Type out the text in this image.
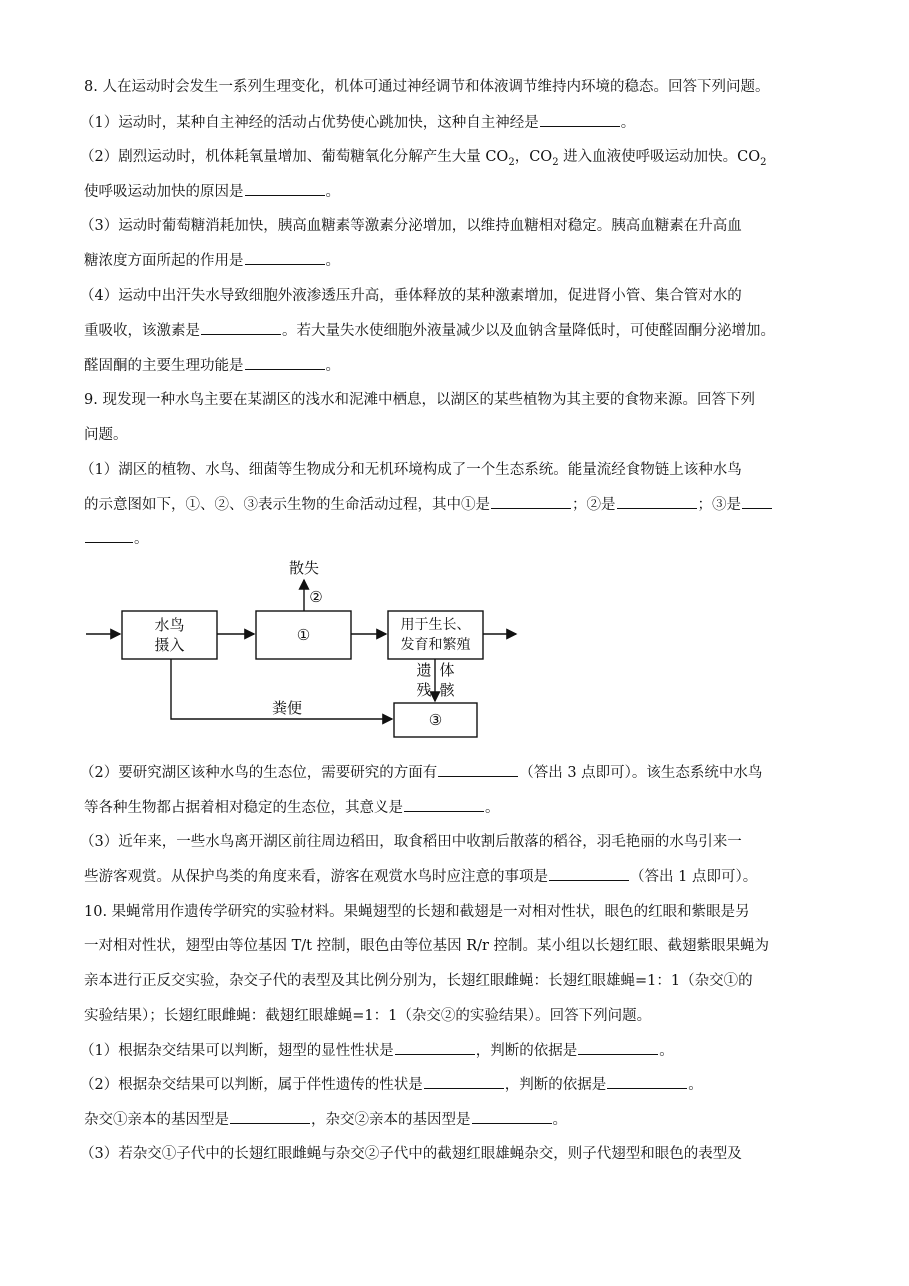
8. 人在运动时会发生一系列生理变化，机体可通过神经调节和体液调节维持内环境的稳态。回答下列问题。
（1）运动时，某种自主神经的活动占优势使心跳加快，这种自主神经是	。
（2）剧烈运动时，机体耗氧量增加、葡萄糖氧化分解产生大量 $CO_2$，$CO_2$ 进入血液使呼吸运动加快。$CO_2$
使呼吸运动加快的原因是	。
（3）运动时葡萄糖消耗加快，胰高血糖素等激素分泌增加，以维持血糖相对稳定。胰高血糖素在升高血
糖浓度方面所起的作用是	。
（4）运动中出汗失水导致细胞外液渗透压升高，垂体释放的某种激素增加，促进肾小管、集合管对水的
重吸收，该激素是	。若大量失水使细胞外液量减少以及血钠含量降低时，可使醛固酮分泌增加。
醛固酮的主要生理功能是	。
9. 现发现一种水鸟主要在某湖区的浅水和泥滩中栖息，以湖区的某些植物为其主要的食物来源。回答下列
问题。
（1）湖区的植物、水鸟、细菌等生物成分和无机环境构成了一个生态系统。能量流经食物链上该种水鸟
的示意图如下，①、②、③表示生物的生命活动过程，其中①是	；②是	；③是
。
水鸟
摄入
①
用于生长、
发育和繁殖
散失
②
遗
残
体
骸
粪便
③
（2）要研究湖区该种水鸟的生态位，需要研究的方面有	（答出 3 点即可）。该生态系统中水鸟
等各种生物都占据着相对稳定的生态位，其意义是	。
（3）近年来，一些水鸟离开湖区前往周边稻田，取食稻田中收割后散落的稻谷，羽毛艳丽的水鸟引来一
些游客观赏。从保护鸟类的角度来看，游客在观赏水鸟时应注意的事项是	（答出 1 点即可）。
10. 果蝇常用作遗传学研究的实验材料。果蝇翅型的长翅和截翅是一对相对性状，眼色的红眼和紫眼是另
一对相对性状，翅型由等位基因 T/t 控制，眼色由等位基因 R/r 控制。某小组以长翅红眼、截翅紫眼果蝇为
亲本进行正反交实验，杂交子代的表型及其比例分别为，长翅红眼雌蝇：长翅红眼雄蝇=1：1（杂交①的
实验结果）；长翅红眼雌蝇：截翅红眼雄蝇=1：1（杂交②的实验结果）。回答下列问题。
（1）根据杂交结果可以判断，翅型的显性性状是	，判断的依据是	。
（2）根据杂交结果可以判断，属于伴性遗传的性状是	，判断的依据是	。
杂交①亲本的基因型是	，杂交②亲本的基因型是	。
（3）若杂交①子代中的长翅红眼雌蝇与杂交②子代中的截翅红眼雄蝇杂交，则子代翅型和眼色的表型及
